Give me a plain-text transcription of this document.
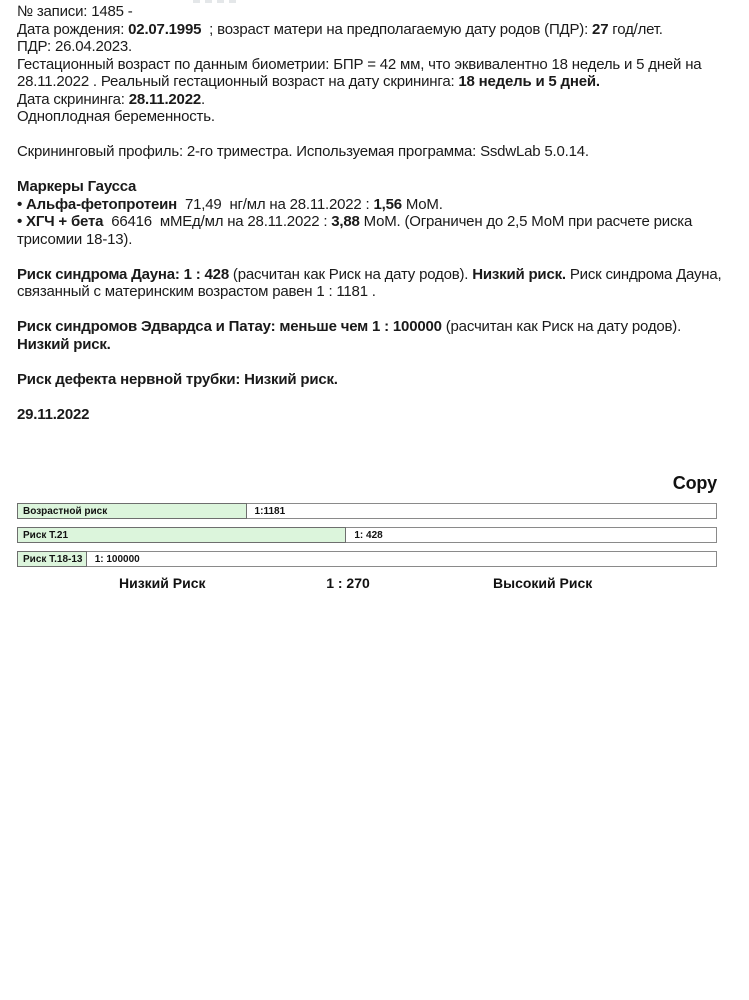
№ записи: 1485 -
Дата рождения: 02.07.1995  ; возраст матери на предполагаемую дату родов (ПДР): 27 год/лет.
ПДР: 26.04.2023.
Гестационный возраст по данным биометрии: БПР = 42 мм, что эквивалентно 18 недель и 5 дней на 28.11.2022 . Реальный гестационный возраст на дату скрининга: 18 недель и 5 дней.
Дата скрининга: 28.11.2022.
Одноплодная беременность.
Скрининговый профиль: 2-го триместра. Используемая программа: SsdwLab 5.0.14.
Маркеры Гаусса
• Альфа-фетопротеин  71,49  нг/мл на 28.11.2022 : 1,56 МоМ.
• ХГЧ + бета  66416  мМЕд/мл на 28.11.2022 : 3,88 МоМ. (Ограничен до 2,5 МоМ при расчете риска трисомии 18-13).
Риск синдрома Дауна: 1 : 428 (расчитан как Риск на дату родов). Низкий риск. Риск синдрома Дауна, связанный с материнским возрастом равен 1 : 1181 .
Риск синдромов Эдвардса и Патау: меньше чем 1 : 100000 (расчитан как Риск на дату родов). Низкий риск.
Риск дефекта нервной трубки: Низкий риск.
29.11.2022
Copy
Возрастной риск	1:1181
Риск Т.21	1: 428
Риск Т.18-13 1: 100000
Низкий Риск	1 : 270	Высокий Риск
